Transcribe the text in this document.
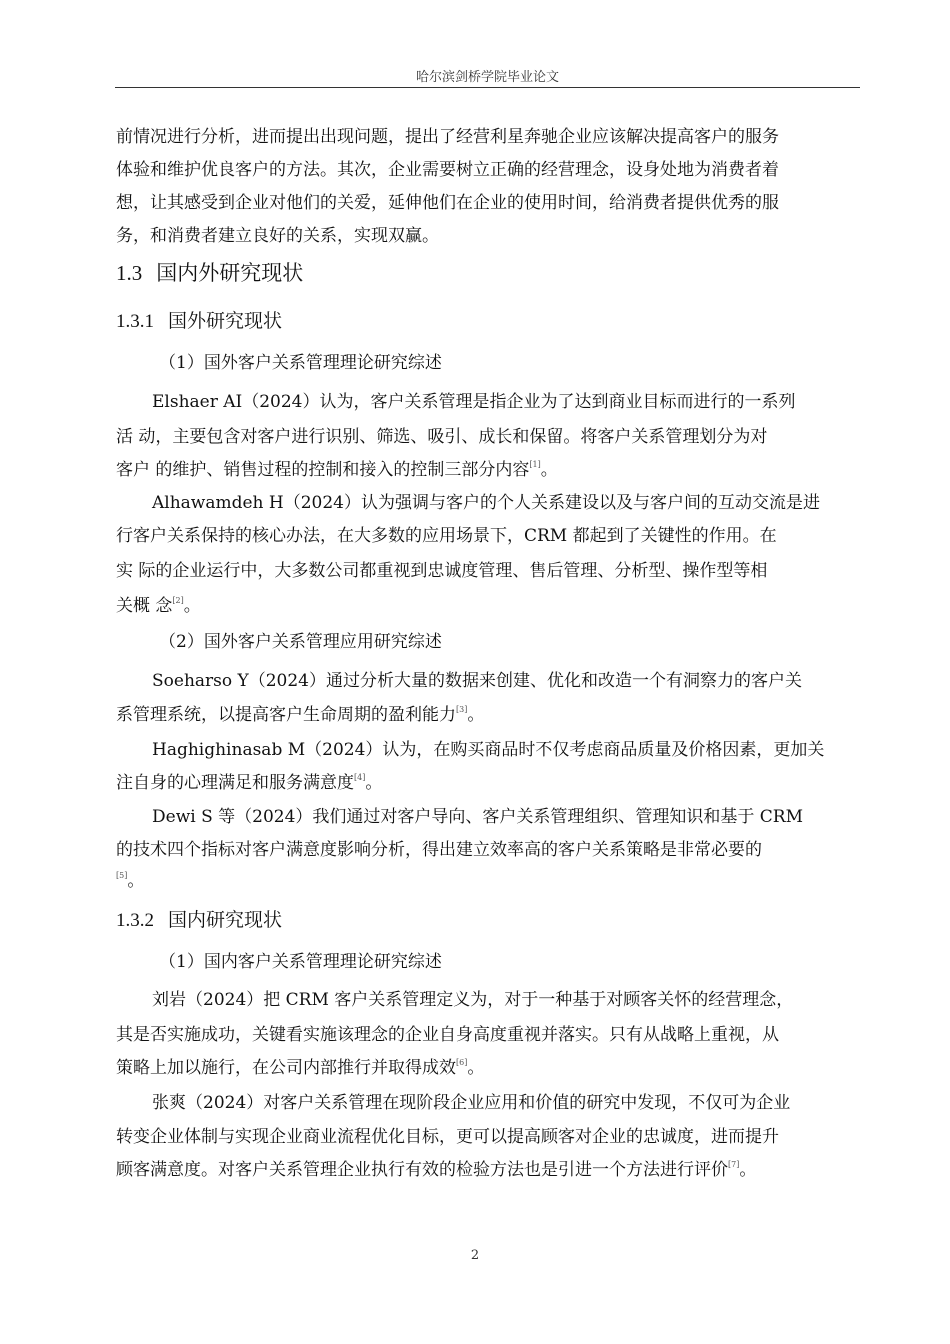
哈尔滨剑桥学院毕业论文
前情况进行分析，进而提出出现问题，提出了经营利星奔驰企业应该解决提高客户的服务
体验和维护优良客户的方法。其次，企业需要树立正确的经营理念，设身处地为消费者着
想，让其感受到企业对他们的关爱，延伸他们在企业的使用时间，给消费者提供优秀的服
务，和消费者建立良好的关系，实现双赢。
1.3 国内外研究现状
1.3.1 国外研究现状
（1）国外客户关系管理理论研究综述
Elshaer AI（2024）认为，客户关系管理是指企业为了达到商业目标而进行的一系列
活 动，主要包含对客户进行识别、筛选、吸引、成长和保留。将客户关系管理划分为对
客户 的维护、销售过程的控制和接入的控制三部分内容[1]。
Alhawamdeh H（2024）认为强调与客户的个人关系建设以及与客户间的互动交流是进
行客户关系保持的核心办法，在大多数的应用场景下，CRM 都起到了关键性的作用。在
实 际的企业运行中，大多数公司都重视到忠诚度管理、售后管理、分析型、操作型等相
关概 念[2]。
（2）国外客户关系管理应用研究综述
Soeharso Y（2024）通过分析大量的数据来创建、优化和改造一个有洞察力的客户关
系管理系统，以提高客户生命周期的盈利能力[3]。
Haghighinasab M（2024）认为，在购买商品时不仅考虑商品质量及价格因素，更加关
注自身的心理满足和服务满意度[4]。
Dewi S 等（2024）我们通过对客户导向、客户关系管理组织、管理知识和基于 CRM
的技术四个指标对客户满意度影响分析，得出建立效率高的客户关系策略是非常必要的
[5]。
1.3.2 国内研究现状
（1）国内客户关系管理理论研究综述
刘岩（2024）把 CRM 客户关系管理定义为，对于一种基于对顾客关怀的经营理念，
其是否实施成功，关键看实施该理念的企业自身高度重视并落实。只有从战略上重视，从
策略上加以施行，在公司内部推行并取得成效[6]。
张爽（2024）对客户关系管理在现阶段企业应用和价值的研究中发现，不仅可为企业
转变企业体制与实现企业商业流程优化目标，更可以提高顾客对企业的忠诚度，进而提升
顾客满意度。对客户关系管理企业执行有效的检验方法也是引进一个方法进行评价[7]。
2
